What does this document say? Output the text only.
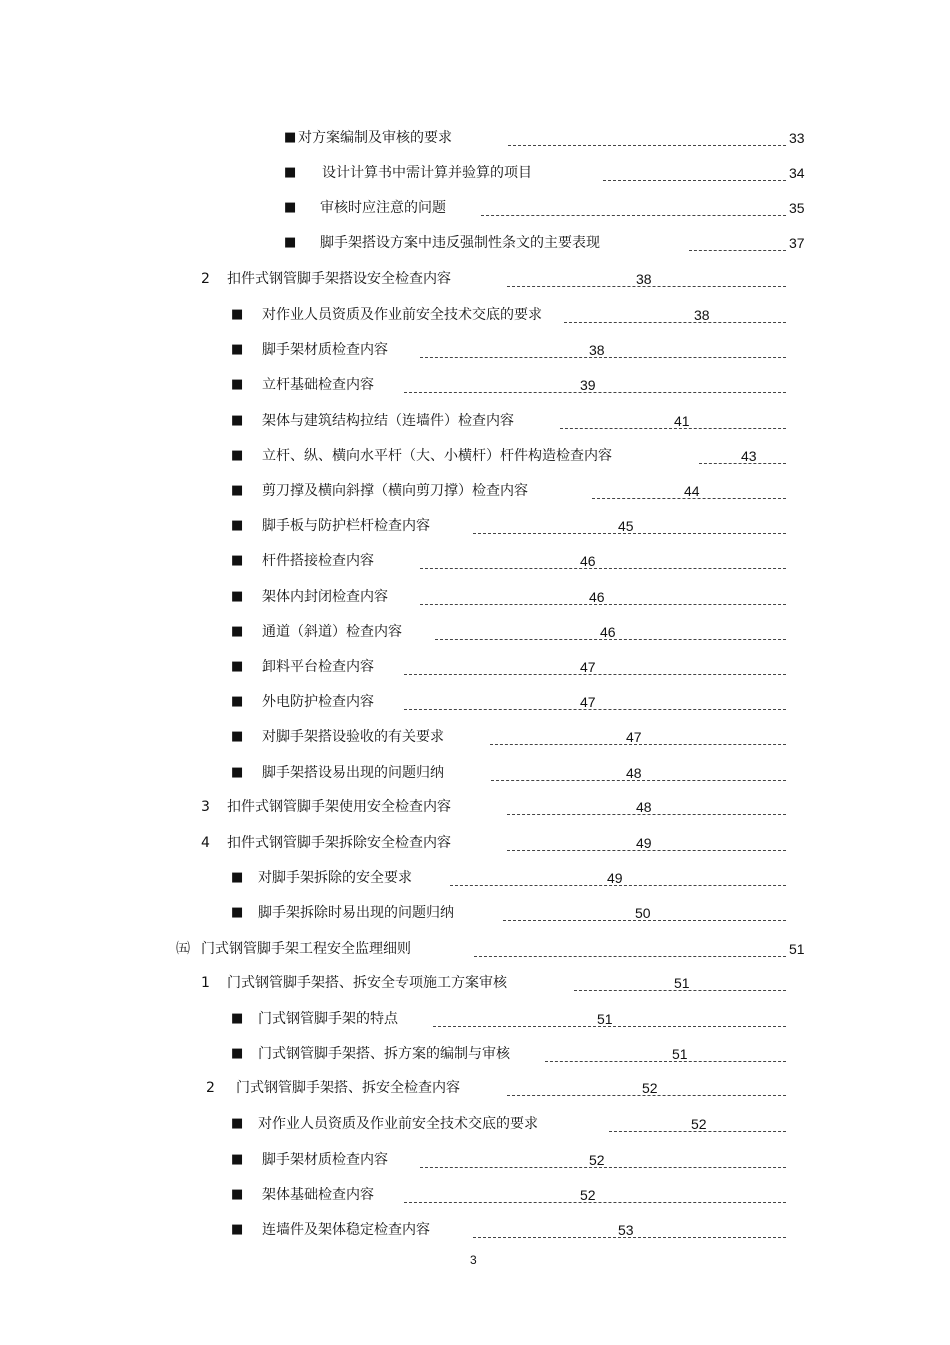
■ 对方案编制及审核的要求	33
■ 设计计算书中需计算并验算的项目	34
■ 审核时应注意的问题	35
■ 脚手架搭设方案中违反强制性条文的主要表现	37
2 扣件式钢管脚手架搭设安全检查内容	38
■ 对作业人员资质及作业前安全技术交底的要求	38
■ 脚手架材质检查内容	38
■ 立杆基础检查内容	39
■ 架体与建筑结构拉结（连墙件）检查内容	41
■ 立杆、纵、横向水平杆（大、小横杆）杆件构造检查内容	43
■ 剪刀撑及横向斜撑（横向剪刀撑）检查内容	44
■ 脚手板与防护栏杆检查内容	45
■ 杆件搭接检查内容	46
■ 架体内封闭检查内容	46
■ 通道（斜道）检查内容	46
■ 卸料平台检查内容	47
■ 外电防护检查内容	47
■ 对脚手架搭设验收的有关要求	47
■ 脚手架搭设易出现的问题归纳	48
3 扣件式钢管脚手架使用安全检查内容	48
4 扣件式钢管脚手架拆除安全检查内容	49
■ 对脚手架拆除的安全要求	49
■ 脚手架拆除时易出现的问题归纳	50
㈤ 门式钢管脚手架工程安全监理细则	51
1 门式钢管脚手架搭、拆安全专项施工方案审核	51
■ 门式钢管脚手架的特点	51
■ 门式钢管脚手架搭、拆方案的编制与审核	51
2 门式钢管脚手架搭、拆安全检查内容	52
■ 对作业人员资质及作业前安全技术交底的要求	52
■ 脚手架材质检查内容	52
■ 架体基础检查内容	52
■ 连墙件及架体稳定检查内容	53
3
